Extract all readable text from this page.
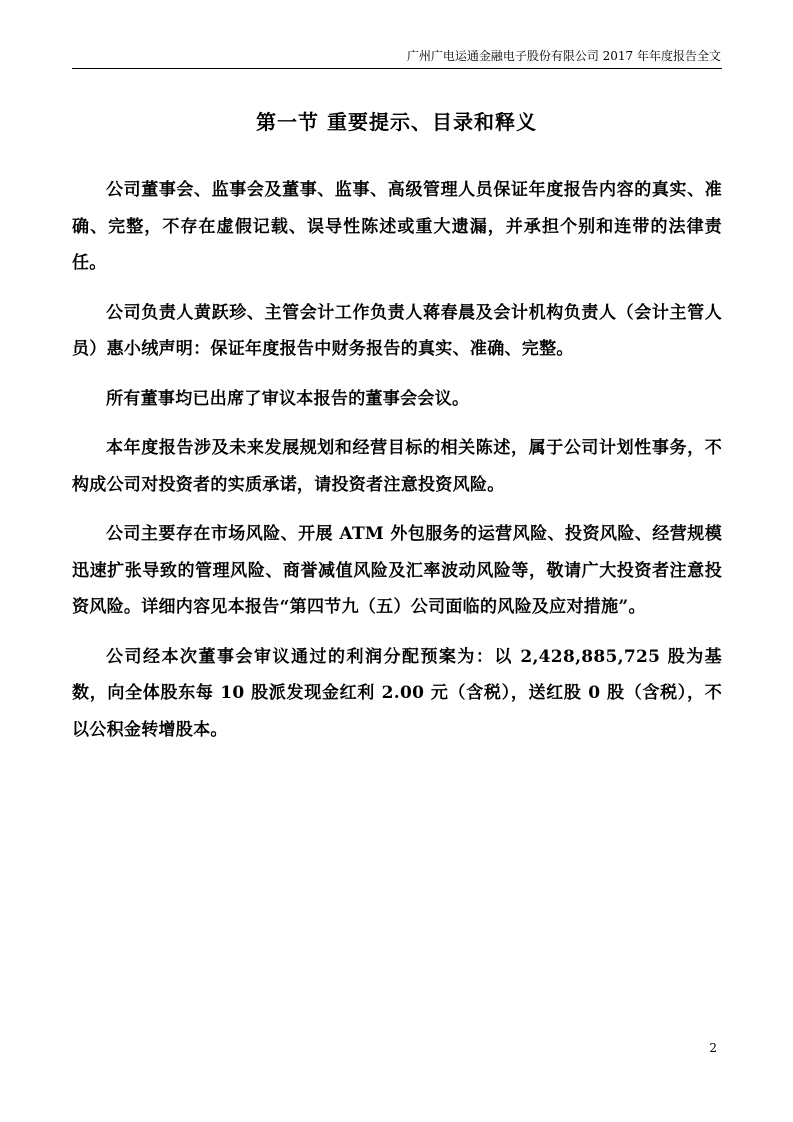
广州广电运通金融电子股份有限公司 2017 年年度报告全文
第一节 重要提示、目录和释义

公司董事会、监事会及董事、监事、高级管理人员保证年度报告内容的真实、准确、完整，不存在虚假记载、误导性陈述或重大遗漏，并承担个别和连带的法律责任。

公司负责人黄跃珍、主管会计工作负责人蒋春晨及会计机构负责人（会计主管人员）惠小绒声明：保证年度报告中财务报告的真实、准确、完整。

所有董事均已出席了审议本报告的董事会会议。

本年度报告涉及未来发展规划和经营目标的相关陈述，属于公司计划性事务，不构成公司对投资者的实质承诺，请投资者注意投资风险。

公司主要存在市场风险、开展 ATM 外包服务的运营风险、投资风险、经营规模迅速扩张导致的管理风险、商誉减值风险及汇率波动风险等，敬请广大投资者注意投资风险。详细内容见本报告“第四节九（五）公司面临的风险及应对措施”。

公司经本次董事会审议通过的利润分配预案为：以 2,428,885,725 股为基数，向全体股东每 10 股派发现金红利 2.00 元（含税），送红股 0 股（含税），不以公积金转增股本。

2
